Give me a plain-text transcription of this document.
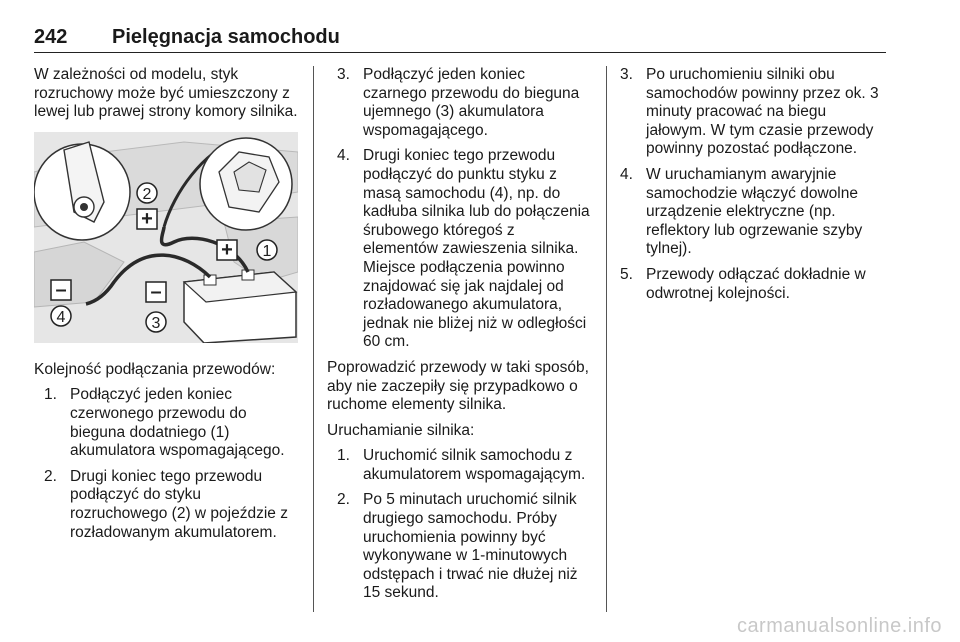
242 Pielęgnacja samochodu

W zależności od modelu, styk rozruchowy może być umieszczony z lewej lub prawej strony komory silnika.

+
2
+ 1
–
3
–
4

Kolejność podłączania przewodów:

1. Podłączyć jeden koniec czerwonego przewodu do bieguna dodatniego (1) akumulatora wspomagającego.
2. Drugi koniec tego przewodu podłączyć do styku rozruchowego (2) w pojeździe z rozładowanym akumulatorem.
3. Podłączyć jeden koniec czarnego przewodu do bieguna ujemnego (3) akumulatora wspomagającego.
4. Drugi koniec tego przewodu podłączyć do punktu styku z masą samochodu (4), np. do kadłuba silnika lub do połączenia śrubowego któregoś z elementów zawieszenia silnika. Miejsce podłączenia powinno znajdować się jak najdalej od rozładowanego akumulatora, jednak nie bliżej niż w odległości 60 cm.

Poprowadzić przewody w taki sposób, aby nie zaczepiły się przypadkowo o ruchome elementy silnika.

Uruchamianie silnika:

1. Uruchomić silnik samochodu z akumulatorem wspomagającym.
2. Po 5 minutach uruchomić silnik drugiego samochodu. Próby uruchomienia powinny być wykonywane w 1-minutowych odstępach i trwać nie dłużej niż 15 sekund.
3. Po uruchomieniu silniki obu samochodów powinny przez ok. 3 minuty pracować na biegu jałowym. W tym czasie przewody powinny pozostać podłączone.
4. W uruchamianym awaryjnie samochodzie włączyć dowolne urządzenie elektryczne (np. reflektory lub ogrzewanie szyby tylnej).
5. Przewody odłączać dokładnie w odwrotnej kolejności.
carmanualsonline.info
